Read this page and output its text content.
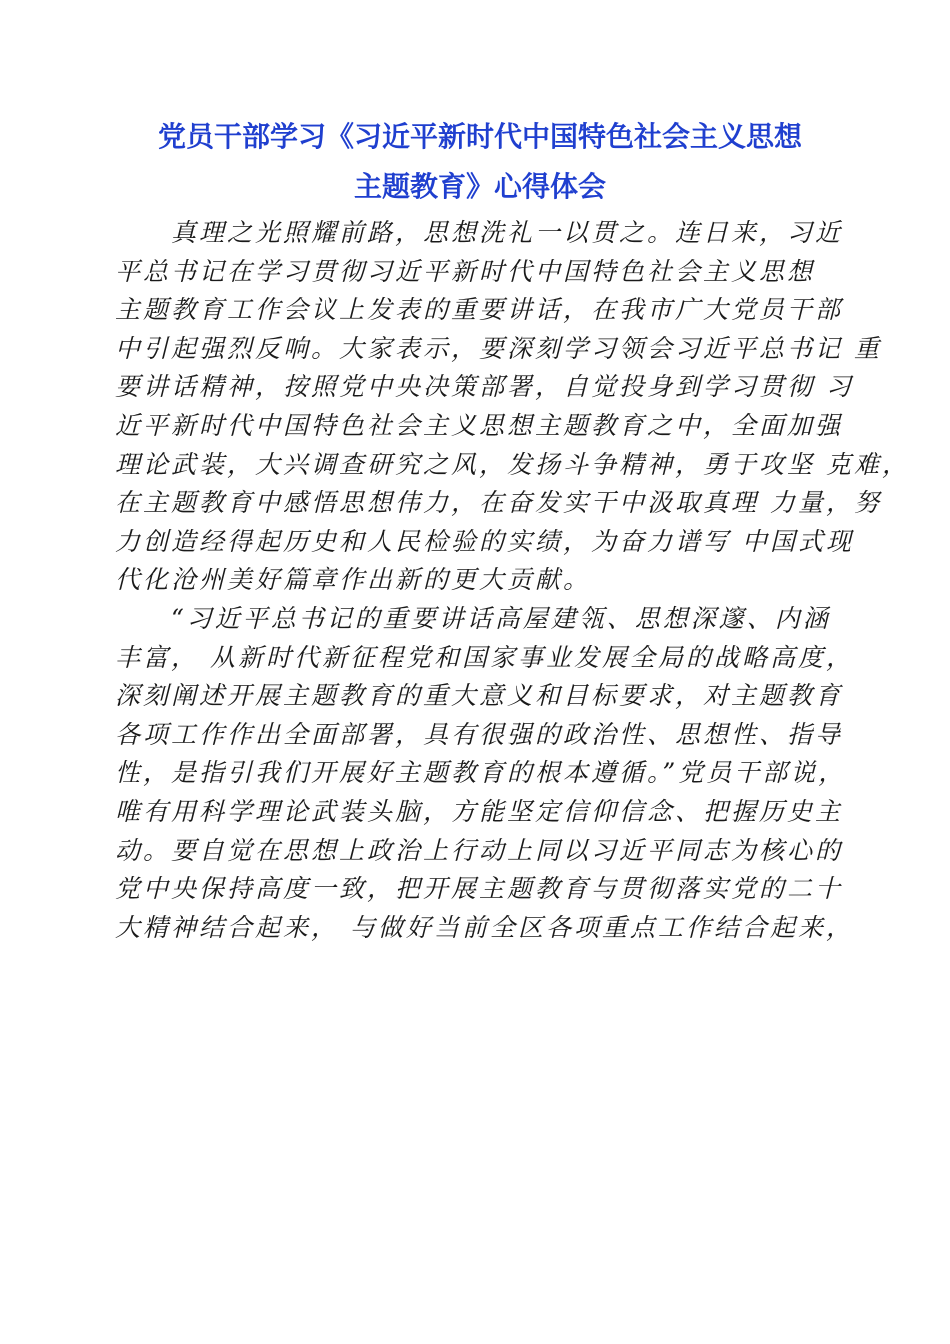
党员干部学习《习近平新时代中国特色社会主义思想
主题教育》心得体会

　　真理之光照耀前路，思想洗礼一以贯之。连日来，习近
平总书记在学习贯彻习近平新时代中国特色社会主义思想
主题教育工作会议上发表的重要讲话，在我市广大党员干部
中引起强烈反响。大家表示，要深刻学习领会习近平总书记 重
要讲话精神，按照党中央决策部署，自觉投身到学习贯彻 习
近平新时代中国特色社会主义思想主题教育之中，全面加强
理论武装，大兴调查研究之风，发扬斗争精神，勇于攻坚 克难，
在主题教育中感悟思想伟力，在奋发实干中汲取真理 力量，努
力创造经得起历史和人民检验的实绩，为奋力谱写 中国式现
代化沧州美好篇章作出新的更大贡献。

　　“习近平总书记的重要讲话高屋建瓴、思想深邃、内涵
丰富， 从新时代新征程党和国家事业发展全局的战略高度，
深刻阐述开展主题教育的重大意义和目标要求，对主题教育
各项工作作出全面部署，具有很强的政治性、思想性、指导
性，是指引我们开展好主题教育的根本遵循。”党员干部说，
唯有用科学理论武装头脑，方能坚定信仰信念、把握历史主
动。要自觉在思想上政治上行动上同以习近平同志为核心的
党中央保持高度一致，把开展主题教育与贯彻落实党的二十
大精神结合起来， 与做好当前全区各项重点工作结合起来，
